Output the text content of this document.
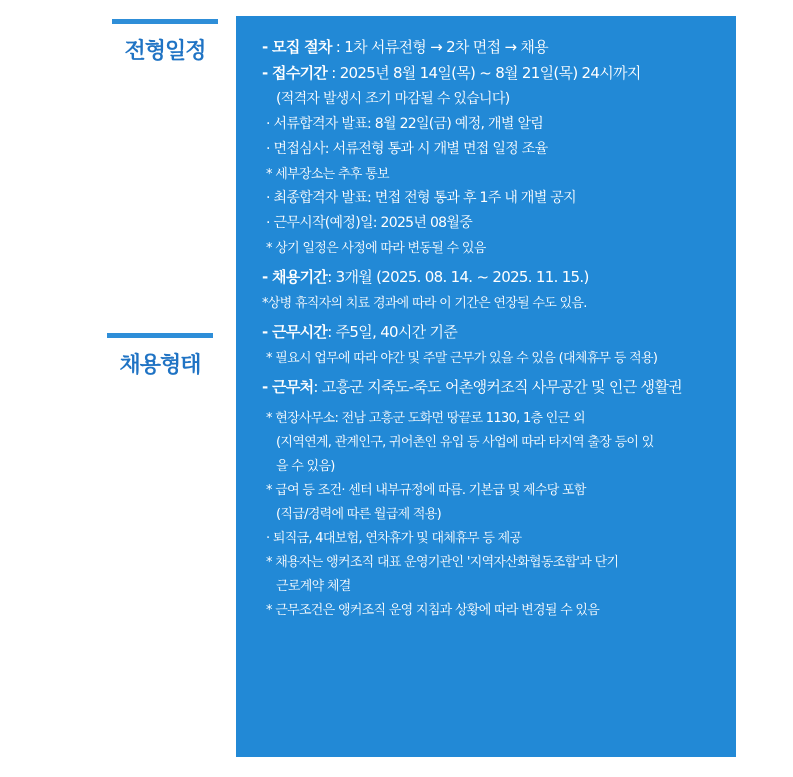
전형일정
채용형태
- 모집 절차 : 1차 서류전형 → 2차 면접 → 채용
- 접수기간 : 2025년 8월 14일(목) ~ 8월 21일(목) 24시까지
(적격자 발생시 조기 마감될 수 있습니다)
· 서류합격자 발표: 8월 22일(금) 예정, 개별 알림
· 면접심사: 서류전형 통과 시 개별 면접 일정 조율
* 세부장소는 추후 통보
· 최종합격자 발표: 면접 전형 통과 후 1주 내 개별 공지
· 근무시작(예정)일: 2025년 08월중
* 상기 일정은 사정에 따라 변동될 수 있음
- 채용기간: 3개월 (2025. 08. 14. ~ 2025. 11. 15.)
*상병 휴직자의 치료 경과에 따라 이 기간은 연장될 수도 있음.
- 근무시간: 주5일, 40시간 기준
* 필요시 업무에 따라 야간 및 주말 근무가 있을 수 있음 (대체휴무 등 적용)
- 근무처: 고흥군 지죽도-죽도 어촌앵커조직 사무공간 및 인근 생활권
* 현장사무소: 전남 고흥군 도화면 땅끝로 1130, 1층 인근 외
(지역연계, 관계인구, 귀어촌인 유입 등 사업에 따라 타지역 출장 등이 있
을 수 있음)
* 급여 등 조건· 센터 내부규정에 따름. 기본급 및 제수당 포함
(직급/경력에 따른 월급제 적용)
· 퇴직금, 4대보험, 연차휴가 및 대체휴무 등 제공
* 채용자는 앵커조직 대표 운영기관인 '지역자산화협동조합'과 단기
근로계약 체결
* 근무조건은 앵커조직 운영 지침과 상황에 따라 변경될 수 있음
